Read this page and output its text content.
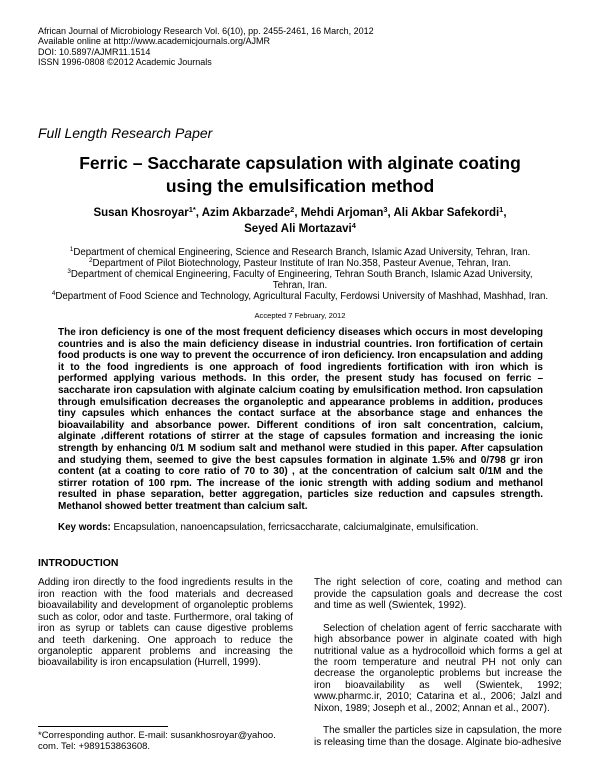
African Journal of Microbiology Research Vol. 6(10), pp. 2455-2461, 16 March, 2012
Available online at http://www.academicjournals.org/AJMR
DOI: 10.5897/AJMR11.1514
ISSN 1996-0808 ©2012 Academic Journals
Full Length Research Paper
Ferric – Saccharate capsulation with alginate coating using the emulsification method
Susan Khosroyar$^{1*}$, Azim Akbarzade$^2$, Mehdi Arjoman$^3$, Ali Akbar Safekordi$^1$, Seyed Ali Mortazavi$^4$
$^1$Department of chemical Engineering, Science and Research Branch, Islamic Azad University, Tehran, Iran.
$^2$Department of Pilot Biotechnology, Pasteur Institute of Iran No.358, Pasteur Avenue, Tehran, Iran.
$^3$Department of chemical Engineering, Faculty of Engineering, Tehran South Branch, Islamic Azad University,
Tehran, Iran.
$^4$Department of Food Science and Technology, Agricultural Faculty, Ferdowsi University of Mashhad, Mashhad, Iran.
Accepted 7 February, 2012

The iron deficiency is one of the most frequent deficiency diseases which occurs in most developing countries and is also the main deficiency disease in industrial countries. Iron fortification of certain food products is one way to prevent the occurrence of iron deficiency. Iron encapsulation and adding it to the food ingredients is one approach of food ingredients fortification with iron which is performed applying various methods. In this order, the present study has focused on ferric – saccharate iron capsulation with alginate calcium coating by emulsification method. Iron capsulation through emulsification decreases the organoleptic and appearance problems in addition، produces tiny capsules which enhances the contact surface at the absorbance stage and enhances the bioavailability and absorbance power. Different conditions of iron salt concentration, calcium, alginate ،different rotations of stirrer at the stage of capsules formation and increasing the ionic strength by enhancing 0/1 M sodium salt and methanol were studied in this paper. After capsulation and studying them, seemed to give the best capsules formation in alginate 1.5% and 0/798 gr iron content (at a coating to core ratio of 70 to 30) , at the concentration of calcium salt 0/1M and the stirrer rotation of 100 rpm. The increase of the ionic strength with adding sodium and methanol resulted in phase separation, better aggregation, particles size reduction and capsules strength. Methanol showed better treatment than calcium salt.

Key words: Encapsulation, nanoencapsulation, ferricsaccharate, calciumalginate, emulsification.
INTRODUCTION

Adding iron directly to the food ingredients results in the iron reaction with the food materials and decreased bioavailability and development of organoleptic problems such as color, odor and taste. Furthermore, oral taking of iron as syrup or tablets can cause digestive problems and teeth darkening. One approach to reduce the organoleptic apparent problems and increasing the bioavailability is iron encapsulation (Hurrell, 1999).

The right selection of core, coating and method can provide the capsulation goals and decrease the cost and time as well (Swientek, 1992).

Selection of chelation agent of ferric saccharate with high absorbance power in alginate coated with high nutritional value as a hydrocolloid which forms a gel at the room temperature and neutral PH not only can decrease the organoleptic problems but increase the iron bioavailability as well (Swientek, 1992; www.pharmc.ir, 2010; Catarina et al., 2006; Jalzl and Nixon, 1989; Joseph et al., 2002; Annan et al., 2007).

The smaller the particles size in capsulation, the more is releasing time than the dosage. Alginate bio-adhesive

*Corresponding author. E-mail: susankhosroyar@yahoo.
com. Tel: +989153863608.
